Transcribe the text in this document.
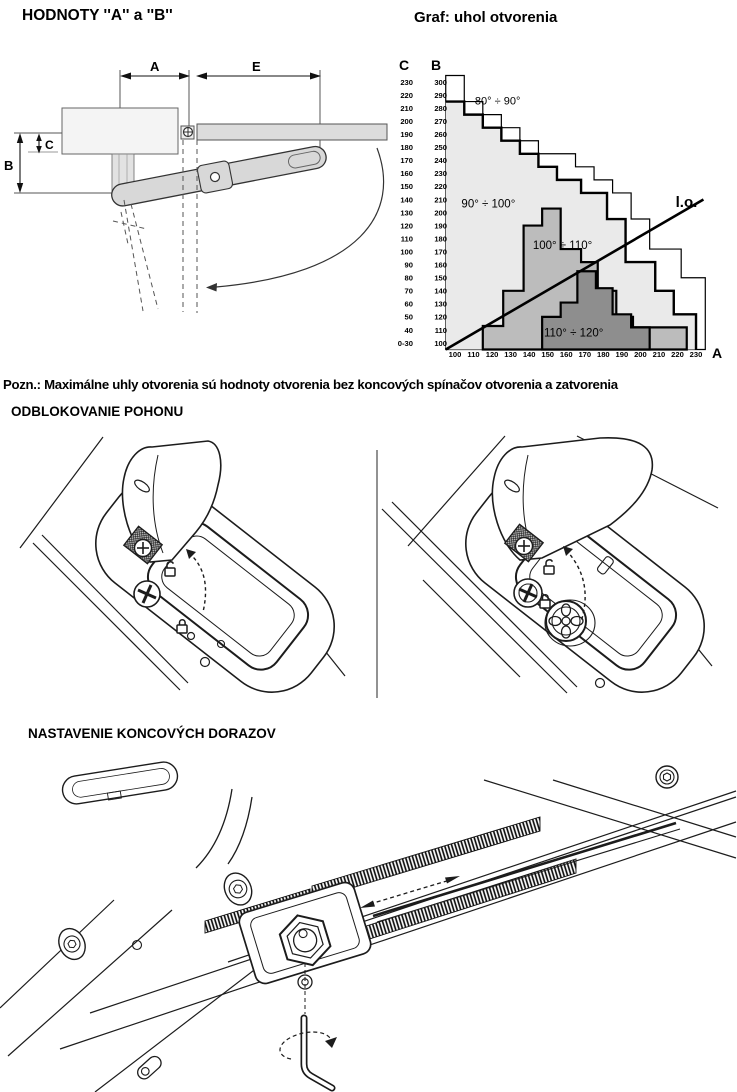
HODNOTY ''A'' a ''B''	Graf: uhol otvorenia
Pozn.: Maximálne uhly otvorenia sú hodnoty otvorenia bez koncových spínačov otvorenia a zatvorenia
ODBLOKOVANIE POHONU
NASTAVENIE KONCOVÝCH DORAZOV
A	E
B
C
80° ÷ 90°
90° ÷ 100°
100° ÷ 110°
110° ÷ 120°
l.o.
230
220
210
200
190
180
170
160
150
140
130
120
110
100
90
80
70
60
50
40
0-30
300
290
280
270
260
250
240
230
220
210
200
190
180
170
160
150
140
130
120
110
100
100 110 120 130 140 150 160 170 180 190 200 210 220 230
C B
A
